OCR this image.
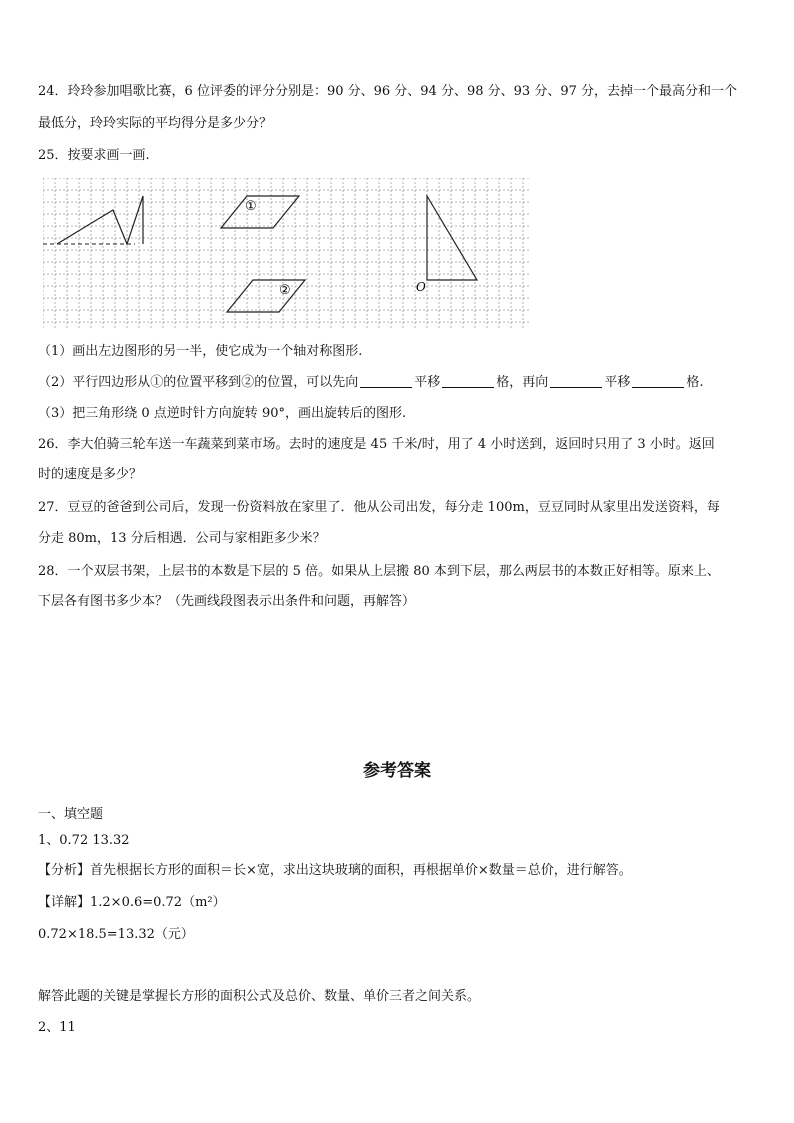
24．玲玲参加唱歌比赛，6 位评委的评分分别是：90 分、96 分、94 分、98 分、93 分、97 分，去掉一个最高分和一个
最低分，玲玲实际的平均得分是多少分？
25．按要求画一画.
①
②	O
（1）画出左边图形的另一半，使它成为一个轴对称图形.
（2）平行四边形从①的位置平移到②的位置，可以先向	平移	格，再向	平移	格.
（3）把三角形绕 0 点逆时针方向旋转 90°，画出旋转后的图形.
26．李大伯骑三轮车送一车蔬菜到菜市场。去时的速度是 45 千米/时，用了 4 小时送到，返回时只用了 3 小时。返回
时的速度是多少？
27．豆豆的爸爸到公司后，发现一份资料放在家里了．他从公司出发，每分走 100m，豆豆同时从家里出发送资料，每
分走 80m，13 分后相遇．公司与家相距多少米？
28．一个双层书架，上层书的本数是下层的 5 倍。如果从上层搬 80 本到下层，那么两层书的本数正好相等。原来上、
下层各有图书多少本？（先画线段图表示出条件和问题，再解答）
参考答案
一、填空题
1、0.72 13.32
【分析】首先根据长方形的面积＝长×宽，求出这块玻璃的面积，再根据单价×数量＝总价，进行解答。
【详解】1.2×0.6=0.72（m²）
0.72×18.5=13.32（元）
解答此题的关键是掌握长方形的面积公式及总价、数量、单价三者之间关系。
2、11
